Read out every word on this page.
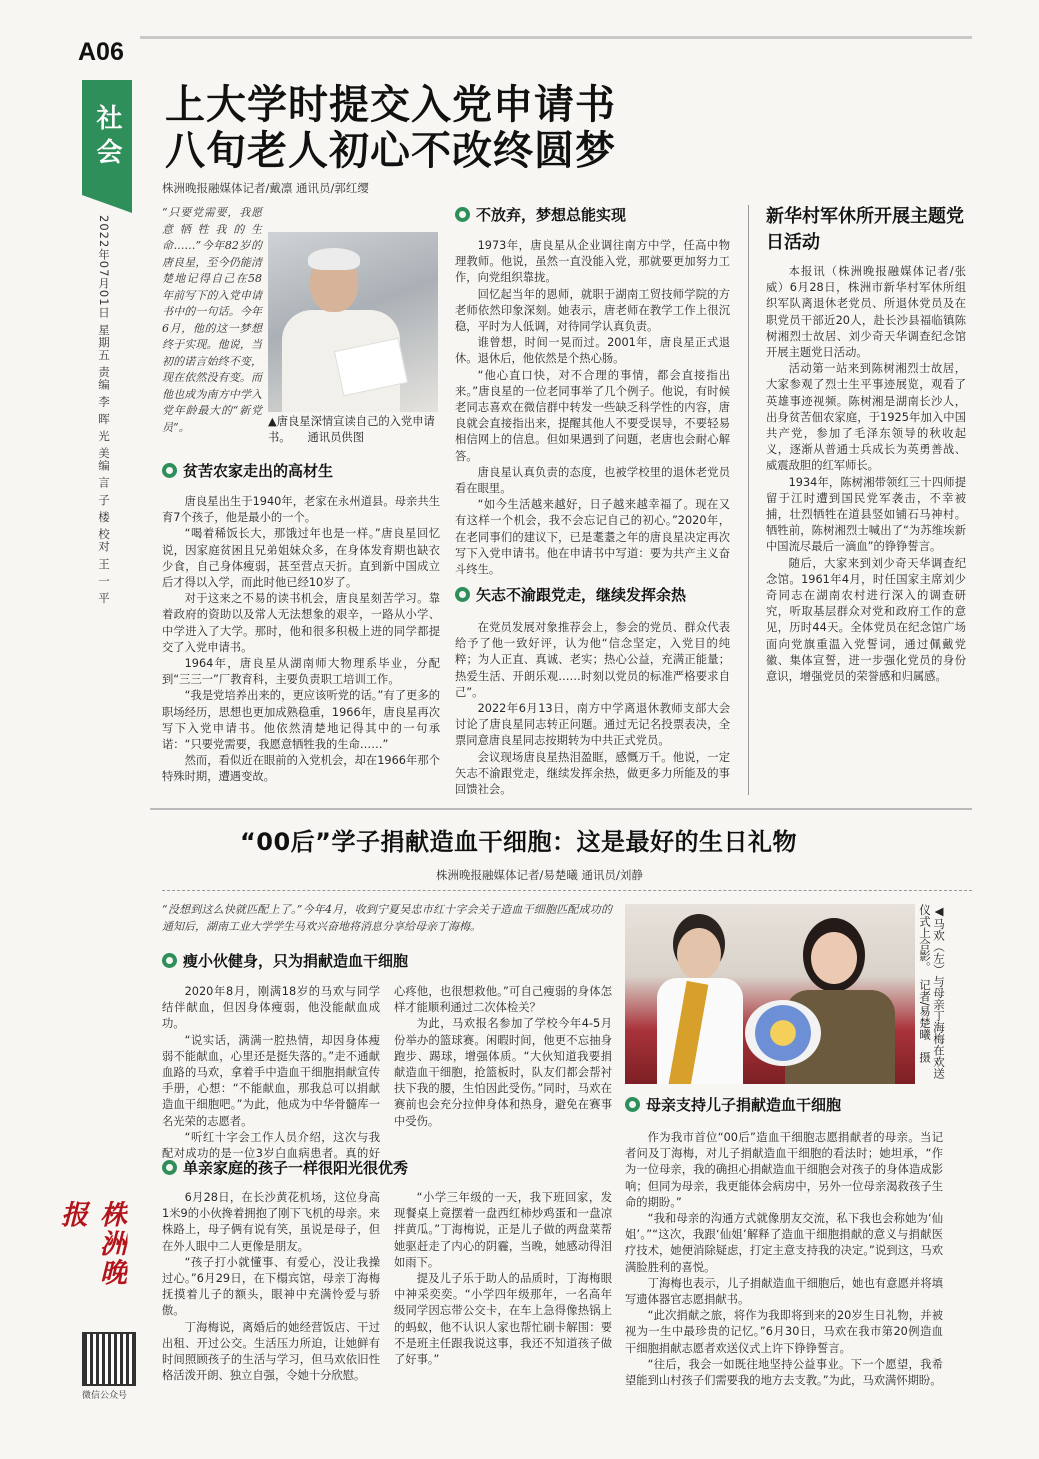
A06
社会
2022年07月01日 星期五 责编 李 晖 光 美编 言 子 楼 校对 王 一 平
上大学时提交入党申请书
八旬老人初心不改终圆梦
株洲晚报融媒体记者/戴凛 通讯员/郭红缨
“只要党需要，我愿意牺牲我的生命……”今年82岁的唐良星，至今仍能清楚地记得自己在58年前写下的入党申请书中的一句话。今年6月，他的这一梦想终于实现。他说，当初的诺言始终不变，现在依然没有变。而他也成为南方中学入党年龄最大的“新党员”。	▲唐良星深情宣读自己的入党申请书。　　通讯员供图
贫苦农家走出的高材生

唐良星出生于1940年，老家在永州道县。母亲共生育7个孩子，他是最小的一个。

“喝着稀饭长大，那饿过年也是一样。”唐良星回忆说，因家庭贫困且兄弟姐妹众多，在身体发育期也缺衣少食，自己身体瘦弱，甚至营点天折。直到新中国成立后才得以入学，而此时他已经10岁了。

对于这来之不易的读书机会，唐良星刻苦学习。靠着政府的资助以及常人无法想象的艰辛，一路从小学、中学进入了大学。那时，他和很多积极上进的同学都提交了入党申请书。

1964年，唐良星从湖南师大物理系毕业，分配到“三三一”厂教育科，主要负责职工培训工作。

“我是党培养出来的，更应该听党的话。”有了更多的职场经历，思想也更加成熟稳重，1966年，唐良星再次写下入党申请书。他依然清楚地记得其中的一句承诺：“只要党需要，我愿意牺牲我的生命……”

然而，看似近在眼前的入党机会，却在1966年那个特殊时期，遭遇变故。

不放弃，梦想总能实现

1973年，唐良星从企业调往南方中学，任高中物理教师。他说，虽然一直没能入党，那就要更加努力工作，向党组织靠拢。

回忆起当年的恩师，就职于湖南工贸技师学院的方老师依然印象深刻。她表示，唐老师在教学工作上很沉稳，平时为人低调，对待同学认真负责。

谁曾想，时间一晃而过。2001年，唐良星正式退休。退休后，他依然是个热心肠。

“他心直口快，对不合理的事情，都会直接指出来。”唐良星的一位老同事举了几个例子。他说，有时候老同志喜欢在微信群中转发一些缺乏科学性的内容，唐良就会直接指出来，提醒其他人不要受误导，不要轻易相信网上的信息。但如果遇到了问题，老唐也会耐心解答。

唐良星认真负责的态度，也被学校里的退休老党员看在眼里。

“如今生活越来越好，日子越来越幸福了。现在又有这样一个机会，我不会忘记自己的初心。”2020年，在老同事们的建议下，已是耄耋之年的唐良星决定再次写下入党申请书。他在申请书中写道：要为共产主义奋斗终生。

矢志不渝跟党走，继续发挥余热

在党员发展对象推荐会上，参会的党员、群众代表给予了他一致好评，认为他“信念坚定，入党目的纯粹；为人正直、真诚、老实；热心公益，充满正能量；热爱生活、开朗乐观……时刻以党员的标准严格要求自己”。

2022年6月13日，南方中学离退休教师支部大会讨论了唐良星同志转正问题。通过无记名投票表决，全票同意唐良星同志按期转为中共正式党员。

会议现场唐良星热泪盈眶，感慨万千。他说，一定矢志不渝跟党走，继续发挥余热，做更多力所能及的事回馈社会。

新华村军休所开展主题党日活动

本报讯（株洲晚报融媒体记者/张威）6月28日，株洲市新华村军休所组织军队离退休老党员、所退休党员及在职党员干部近20人，赴长沙县福临镇陈树湘烈士故居、刘少奇天华调查纪念馆开展主题党日活动。

活动第一站来到陈树湘烈士故居，大家参观了烈士生平事迹展览，观看了英雄事迹视频。陈树湘是湖南长沙人，出身贫苦佃农家庭，于1925年加入中国共产党，参加了毛泽东领导的秋收起义，逐渐从普通士兵成长为英勇善战、威震敌胆的红军师长。

1934年，陈树湘带领红三十四师提留于江时遭到国民党军袭击，不幸被捕，壮烈牺牲在道县竖如铺石马神村。牺牲前，陈树湘烈士喊出了“为苏维埃新中国流尽最后一滴血”的铮铮誓言。

随后，大家来到刘少奇天华调查纪念馆。1961年4月，时任国家主席刘少奇同志在湖南农村进行深入的调查研究，听取基层群众对党和政府工作的意见，历时44天。全体党员在纪念馆广场面向党旗重温入党誓词，通过佩戴党徽、集体宣誓，进一步强化党员的身份意识，增强党员的荣誉感和归属感。

“00后”学子捐献造血干细胞：这是最好的生日礼物
株洲晚报融媒体记者/易楚曦 通讯员/刘静
“没想到这么快就匹配上了。”今年4月，收到宁夏吴忠市红十字会关于造血干细胞匹配成功的通知后，湖南工业大学学生马欢兴奋地将消息分享给母亲丁海梅。	◀马欢（左）与母亲丁海梅在欢送仪式上合影。　记者/易楚曦　摄
瘦小伙健身，只为捐献造血干细胞

2020年8月，刚满18岁的马欢与同学结伴献血，但因身体瘦弱，他没能献血成功。

“说实话，满满一腔热情，却因身体瘦弱不能献血，心里还是挺失落的。”走不通献血路的马欢，拿着手中造血干细胞捐献宣传手册，心想：“不能献血，那我总可以捐献造血干细胞吧。”为此，他成为中华骨髓库一名光荣的志愿者。

“听红十字会工作人员介绍，这次与我配对成功的是一位3岁白血病患者。真的好心疼他，也很想救他。”可自己瘦弱的身体怎样才能顺利通过二次体检关？

为此，马欢报名参加了学校今年4-5月份举办的篮球赛。闲暇时间，他更不忘抽身跑步、踢球，增强体质。“大伙知道我要捐献造血干细胞，抢篮板时，队友们都会帮衬扶下我的腰，生怕因此受伤。”同时，马欢在赛前也会充分拉伸身体和热身，避免在赛事中受伤。

单亲家庭的孩子一样很阳光很优秀

6月28日，在长沙黄花机场，这位身高1米9的小伙搀着拥抱了刚下飞机的母亲。来株路上，母子俩有说有笑，虽说是母子，但在外人眼中二人更像是朋友。

“孩子打小就懂事、有爱心，没让我操过心。”6月29日，在下榻宾馆，母亲丁海梅抚摸着儿子的额头，眼神中充满怜爱与骄傲。

丁海梅说，离婚后的她经营饭店、干过出租、开过公交。生活压力所迫，让她鲜有时间照顾孩子的生活与学习，但马欢依旧性格活泼开朗、独立自强，令她十分欣慰。

“小学三年级的一天，我下班回家，发现餐桌上竟摆着一盘西红柿炒鸡蛋和一盘凉拌黄瓜。”丁海梅说，正是儿子做的两盘菜帮她驱赶走了内心的阴霾，当晚，她感动得泪如雨下。

提及儿子乐于助人的品质时，丁海梅眼中神采奕奕。“小学四年级那年，一名高年级同学因忘带公交卡，在车上急得像热锅上的蚂蚁，他不认识人家也帮忙刷卡解围：要不是班主任跟我说这事，我还不知道孩子做了好事。”

母亲支持儿子捐献造血干细胞

作为我市首位“00后”造血干细胞志愿捐献者的母亲。当记者问及丁海梅，对儿子捐献造血干细胞的看法时；她坦承，“作为一位母亲，我的确担心捐献造血干细胞会对孩子的身体造成影响；但同为母亲，我更能体会病房中，另外一位母亲渴救孩子生命的期盼。”

“我和母亲的沟通方式就像朋友交流，私下我也会称她为‘仙姐’。”“这次，我跟‘仙姐’解释了造血干细胞捐献的意义与捐献医疗技术，她便消除疑虑，打定主意支持我的决定。”说到这，马欢满脸胜利的喜悦。

丁海梅也表示，儿子捐献造血干细胞后，她也有意愿并将填写遗体器官志愿捐献书。

“此次捐献之旅，将作为我即将到来的20岁生日礼物，并被视为一生中最珍贵的记忆。”6月30日，马欢在我市第20例造血干细胞捐献志愿者欢送仪式上许下铮铮誓言。

“往后，我会一如既往地坚持公益事业。下一个愿望，我希望能到山村孩子们需要我的地方去支教。”为此，马欢满怀期盼。

株洲晚报
微信公众号
